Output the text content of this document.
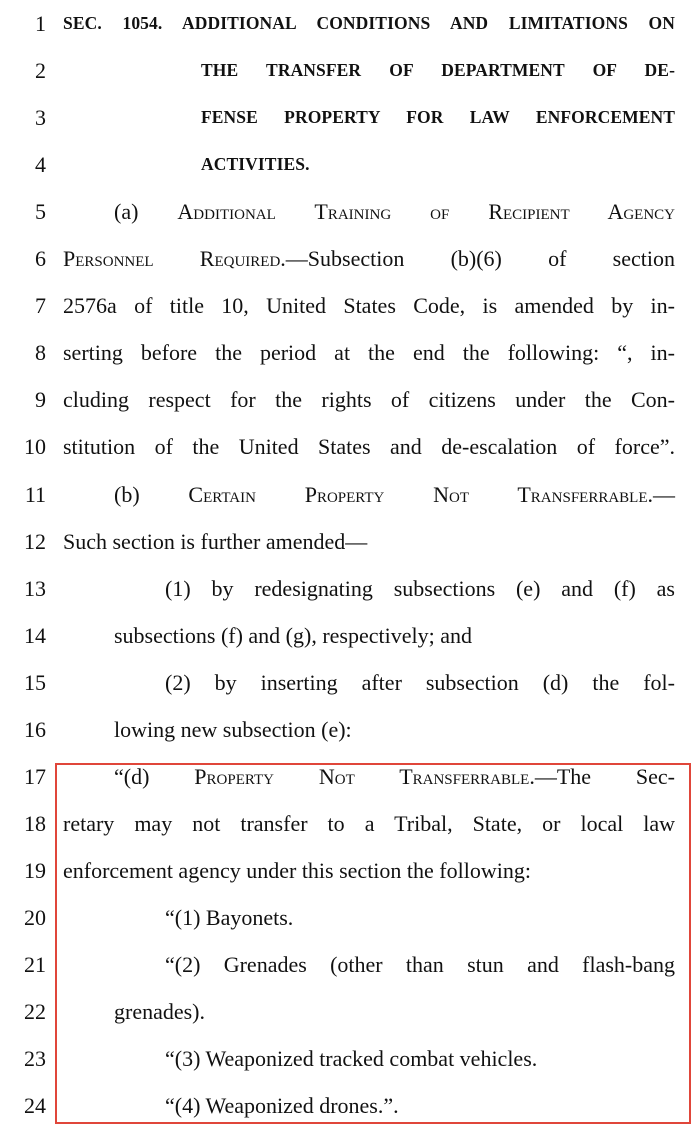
1 SEC. 1054. ADDITIONAL CONDITIONS AND LIMITATIONS ON
2	THE TRANSFER OF DEPARTMENT OF DE-
3	FENSE PROPERTY FOR LAW ENFORCEMENT
4	ACTIVITIES.
5	(a) Additional Training of Recipient Agency
6 Personnel Required.—Subsection (b)(6) of section
7 2576a of title 10, United States Code, is amended by in-
8 serting before the period at the end the following: “, in-
9 cluding respect for the rights of citizens under the Con-
10 stitution of the United States and de-escalation of force”.
11	(b) Certain Property Not Transferrable.—
12 Such section is further amended—
13	(1) by redesignating subsections (e) and (f) as
14	subsections (f) and (g), respectively; and
15	(2) by inserting after subsection (d) the fol-
16	lowing new subsection (e):
17	“(d) Property Not Transferrable.—The Sec-
18 retary may not transfer to a Tribal, State, or local law
19 enforcement agency under this section the following:
20	“(1) Bayonets.
21	“(2) Grenades (other than stun and flash-bang
22	grenades).
23	“(3) Weaponized tracked combat vehicles.
24	“(4) Weaponized drones.”.
